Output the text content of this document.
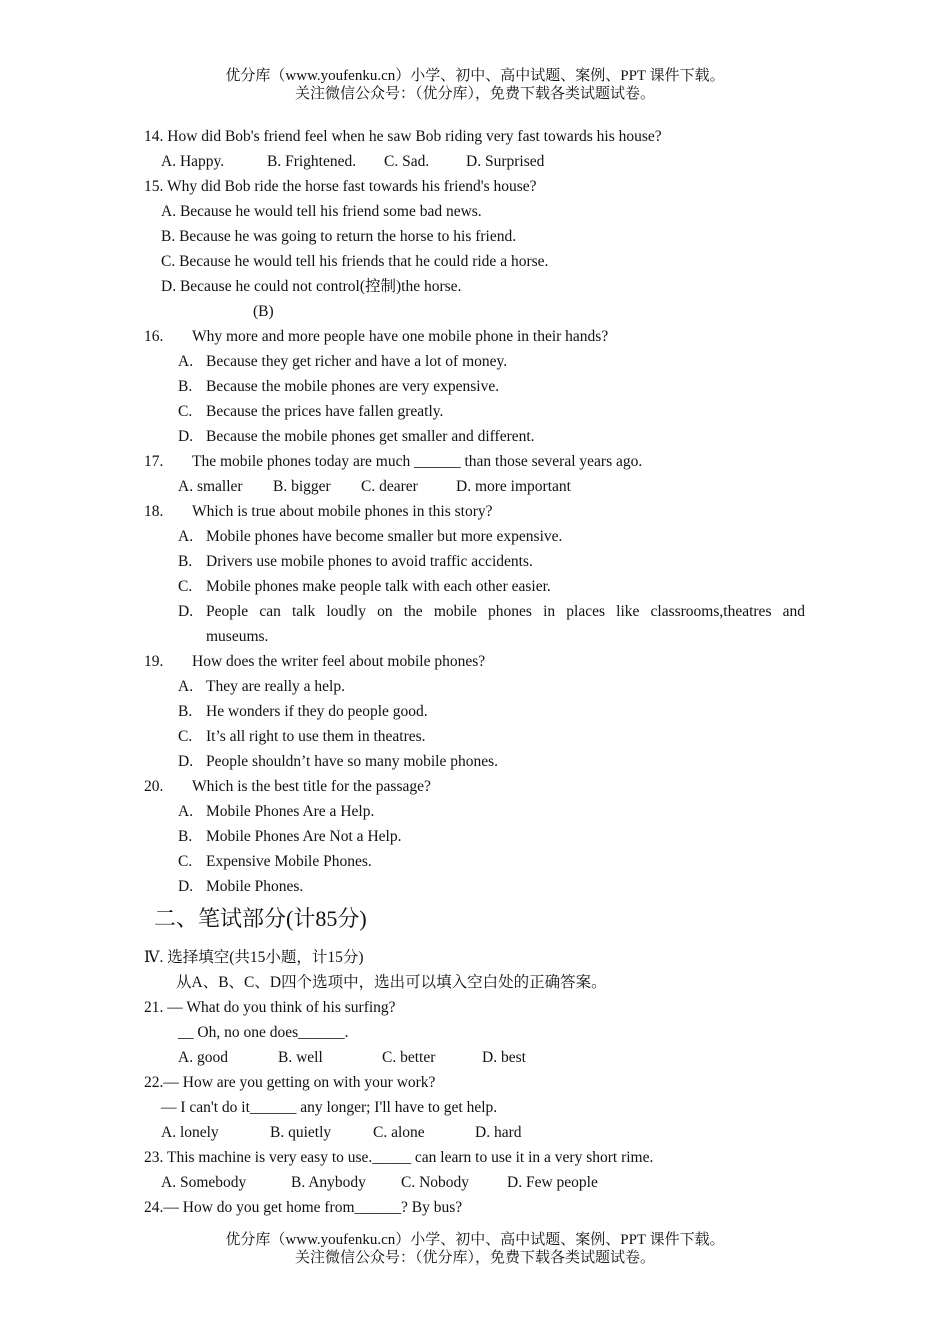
优分库（www.youfenku.cn）小学、初中、高中试题、案例、PPT 课件下载。
关注微信公众号：（优分库），免费下载各类试题试卷。
14. How did Bob's friend feel when he saw Bob riding very fast towards his house?
A. Happy.	B. Frightened. C. Sad. D. Surprised
15. Why did Bob ride the horse fast towards his friend's house?
A. Because he would tell his friend some bad news.
B. Because he was going to return the horse to his friend.
C. Because he would tell his friends that he could ride a horse.
D. Because he could not control(控制)the horse.
(B)
16. Why more and more people have one mobile phone in their hands?
A. Because they get richer and have a lot of money.
B. Because the mobile phones are very expensive.
C. Because the prices have fallen greatly.
D. Because the mobile phones get smaller and different.
17. The mobile phones today are much ______ than those several years ago.
A. smaller B. bigger C. dearer D. more important
18. Which is true about mobile phones in this story?
A. Mobile phones have become smaller but more expensive.
B. Drivers use mobile phones to avoid traffic accidents.
C. Mobile phones make people talk with each other easier.
D. People can talk loudly on the mobile phones in places like classrooms,theatres and
museums.
19. How does the writer feel about mobile phones?
A. They are really a help.
B. He wonders if they do people good.
C. It’s all right to use them in theatres.
D. People shouldn’t have so many mobile phones.
20. Which is the best title for the passage?
A. Mobile Phones Are a Help.
B. Mobile Phones Are Not a Help.
C. Expensive Mobile Phones.
D. Mobile Phones.
二、笔试部分(计85分)
Ⅳ. 选择填空(共15小题，计15分)
从A、B、C、D四个选项中，选出可以填入空白处的正确答案。
21. — What do you think of his surfing?
__ Oh, no one does______.
A. good	B. well	C. better	D. best
22.— How are you getting on with your work?
— I can't do it______ any longer; I'll have to get help.
A. lonely	B. quietly	C. alone	D. hard
23. This machine is very easy to use._____ can learn to use it in a very short rime.
A. Somebody	B. Anybody C. Nobody D. Few people
24.— How do you get home from______? By bus?
优分库（www.youfenku.cn）小学、初中、高中试题、案例、PPT 课件下载。
关注微信公众号：（优分库），免费下载各类试题试卷。
